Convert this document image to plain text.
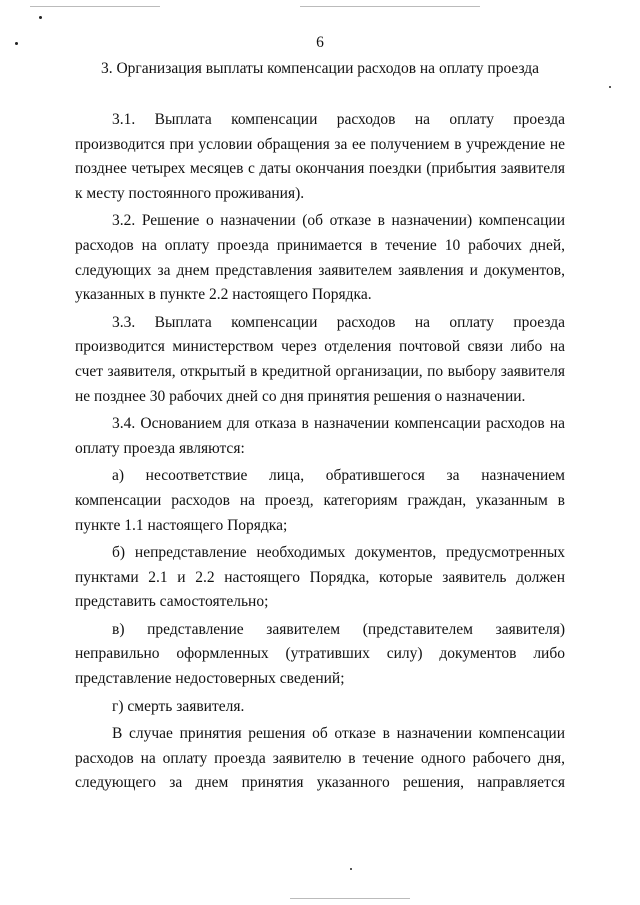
6
3. Организация выплаты компенсации расходов на оплату проезда

3.1. Выплата компенсации расходов на оплату проезда производится при условии обращения за ее получением в учреждение не позднее четырех месяцев с даты окончания поездки (прибытия заявителя к месту постоянного проживания).

3.2. Решение о назначении (об отказе в назначении) компенсации расходов на оплату проезда принимается в течение 10 рабочих дней, следующих за днем представления заявителем заявления и документов, указанных в пункте 2.2 настоящего Порядка.

3.3. Выплата компенсации расходов на оплату проезда производится министерством через отделения почтовой связи либо на счет заявителя, открытый в кредитной организации, по выбору заявителя не позднее 30 рабочих дней со дня принятия решения о назначении.

3.4. Основанием для отказа в назначении компенсации расходов на оплату проезда являются:

а) несоответствие лица, обратившегося за назначением компенсации расходов на проезд, категориям граждан, указанным в пункте 1.1 настоящего Порядка;

б) непредставление необходимых документов, предусмотренных пунктами 2.1 и 2.2 настоящего Порядка, которые заявитель должен представить самостоятельно;

в) представление заявителем (представителем заявителя) неправильно оформленных (утративших силу) документов либо представление недостоверных сведений;

г) смерть заявителя.

В случае принятия решения об отказе в назначении компенсации расходов на оплату проезда заявителю в течение одного рабочего дня, следующего за днем принятия указанного решения, направляется
